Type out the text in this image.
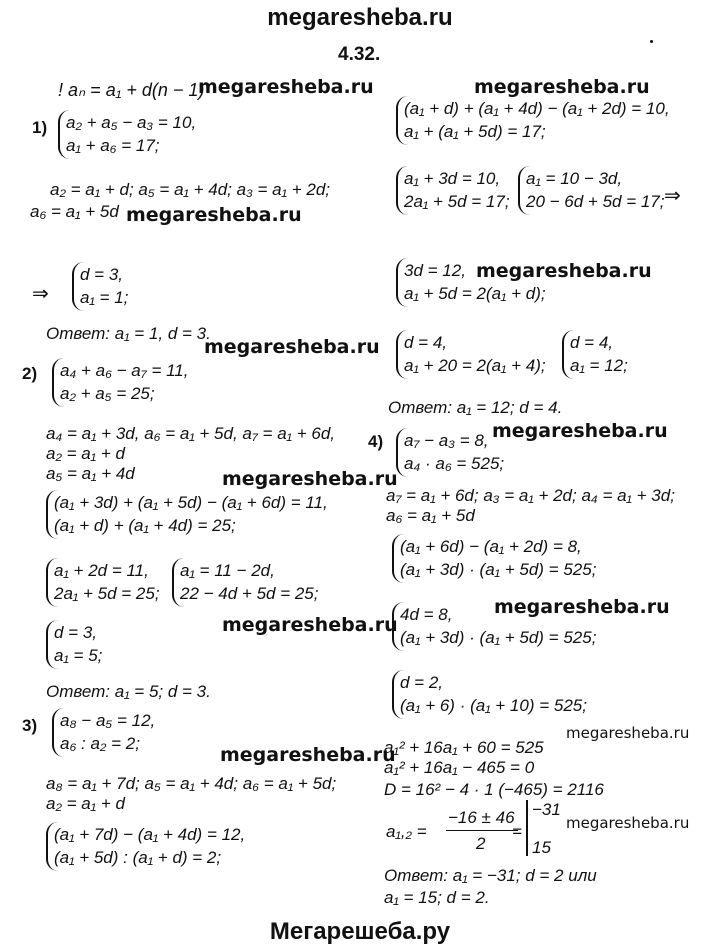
megaresheba.ru
4.32.
Мегарешеба.ру
megaresheba.ru	megaresheba.ru
megaresheba.ru
megaresheba.ru
megaresheba.ru
megaresheba.ru
megaresheba.ru
megaresheba.ru
megaresheba.ru
megaresheba.ru
megaresheba.ru
megaresheba.ru
! aₙ = a₁ + d(n − 1)
1) a₂ + a₅ − a₃ = 10,
a₁ + a₆ = 17;
a₂ = a₁ + d; a₅ = a₁ + 4d; a₃ = a₁ + 2d;
a₆ = a₁ + 5d
⇒
d = 3,
a₁ = 1;
Ответ: a₁ = 1, d = 3.
2) a₄ + a₆ − a₇ = 11,
a₂ + a₅ = 25;
a₄ = a₁ + 3d, a₆ = a₁ + 5d, a₇ = a₁ + 6d,
a₂ = a₁ + d
a₅ = a₁ + 4d
(a₁ + 3d) + (a₁ + 5d) − (a₁ + 6d) = 11,
(a₁ + d) + (a₁ + 4d) = 25;
a₁ + 2d = 11,
2a₁ + 5d = 25;
a₁ = 11 − 2d,
22 − 4d + 5d = 25;
d = 3,
a₁ = 5;
Ответ: a₁ = 5; d = 3.
3) a₈ − a₅ = 12,
a₆ : a₂ = 2;
a₈ = a₁ + 7d; a₅ = a₁ + 4d; a₆ = a₁ + 5d;
a₂ = a₁ + d
(a₁ + 7d) − (a₁ + 4d) = 12,
(a₁ + 5d) : (a₁ + d) = 2;
(a₁ + d) + (a₁ + 4d) − (a₁ + 2d) = 10,
a₁ + (a₁ + 5d) = 17;
a₁ + 3d = 10,
2a₁ + 5d = 17;
a₁ = 10 − 3d,
20 − 6d + 5d = 17; ⇒
3d = 12,
a₁ + 5d = 2(a₁ + d);
d = 4,
a₁ + 20 = 2(a₁ + 4);
d = 4,
a₁ = 12;
Ответ: a₁ = 12; d = 4.
4) a₇ − a₃ = 8,
a₄ · a₆ = 525;
a₇ = a₁ + 6d; a₃ = a₁ + 2d; a₄ = a₁ + 3d;
a₆ = a₁ + 5d
(a₁ + 6d) − (a₁ + 2d) = 8,
(a₁ + 3d) · (a₁ + 5d) = 525;
4d = 8,
(a₁ + 3d) · (a₁ + 5d) = 525;
d = 2,
(a₁ + 6) · (a₁ + 10) = 525;
a₁² + 16a₁ + 60 = 525
a₁² + 16a₁ − 465 = 0
D = 16² − 4 · 1 (−465) = 2116
a₁,₂ =
−16 ± 46
2
=
−31
15
Ответ: a₁ = −31; d = 2 или
a₁ = 15; d = 2.
